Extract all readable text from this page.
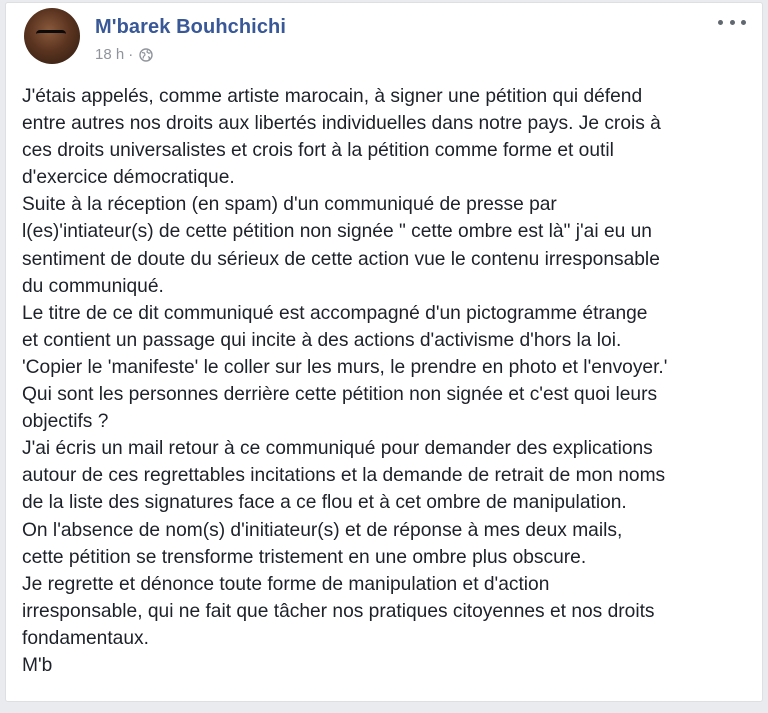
M'barek Bouhchichi
18 h ·

J'étais appelés, comme artiste marocain, à signer une pétition qui défend

entre autres nos droits aux libertés individuelles dans notre pays. Je crois à

ces droits universalistes et crois fort à la pétition comme forme et outil

d'exercice démocratique.

Suite à la réception (en spam) d'un communiqué de presse par

l(es)'intiateur(s) de cette pétition non signée " cette ombre est là" j'ai eu un

sentiment de doute du sérieux de cette action vue le contenu irresponsable

du communiqué.

Le titre de ce dit communiqué est accompagné d'un pictogramme étrange

et contient un passage qui incite à des actions d'activisme d'hors la loi.

'Copier le 'manifeste' le coller sur les murs, le prendre en photo et l'envoyer.'

Qui sont les personnes derrière cette pétition non signée et c'est quoi leurs

objectifs ?

J'ai écris un mail retour à ce communiqué pour demander des explications

autour de ces regrettables incitations et la demande de retrait de mon noms

de la liste des signatures face a ce flou et à cet ombre de manipulation.

On l'absence de nom(s) d'initiateur(s) et de réponse à mes deux mails,

cette pétition se trensforme tristement en une ombre plus obscure.

Je regrette et dénonce toute forme de manipulation et d'action

irresponsable, qui ne fait que tâcher nos pratiques citoyennes et nos droits

fondamentaux.

M'b
